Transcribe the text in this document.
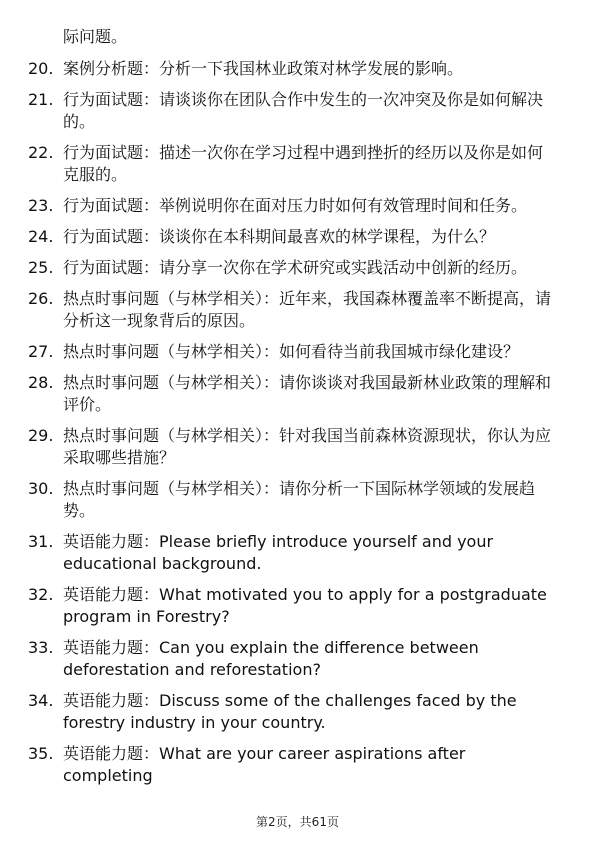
际问题。
20. 案例分析题：分析一下我国林业政策对林学发展的影响。
21. 行为面试题：请谈谈你在团队合作中发生的一次冲突及你是如何解决的。
22. 行为面试题：描述一次你在学习过程中遇到挫折的经历以及你是如何克服的。
23. 行为面试题：举例说明你在面对压力时如何有效管理时间和任务。
24. 行为面试题：谈谈你在本科期间最喜欢的林学课程，为什么？
25. 行为面试题：请分享一次你在学术研究或实践活动中创新的经历。
26. 热点时事问题（与林学相关）：近年来，我国森林覆盖率不断提高，请分析这一现象背后的原因。
27. 热点时事问题（与林学相关）：如何看待当前我国城市绿化建设？
28. 热点时事问题（与林学相关）：请你谈谈对我国最新林业政策的理解和评价。
29. 热点时事问题（与林学相关）：针对我国当前森林资源现状，你认为应采取哪些措施？
30. 热点时事问题（与林学相关）：请你分析一下国际林学领域的发展趋势。
31. 英语能力题：Please briefly introduce yourself and your educational background.
32. 英语能力题：What motivated you to apply for a postgraduate program in Forestry?
33. 英语能力题：Can you explain the difference between deforestation and reforestation?
34. 英语能力题：Discuss some of the challenges faced by the forestry industry in your country.
35. 英语能力题：What are your career aspirations after completing
第2页，共61页
